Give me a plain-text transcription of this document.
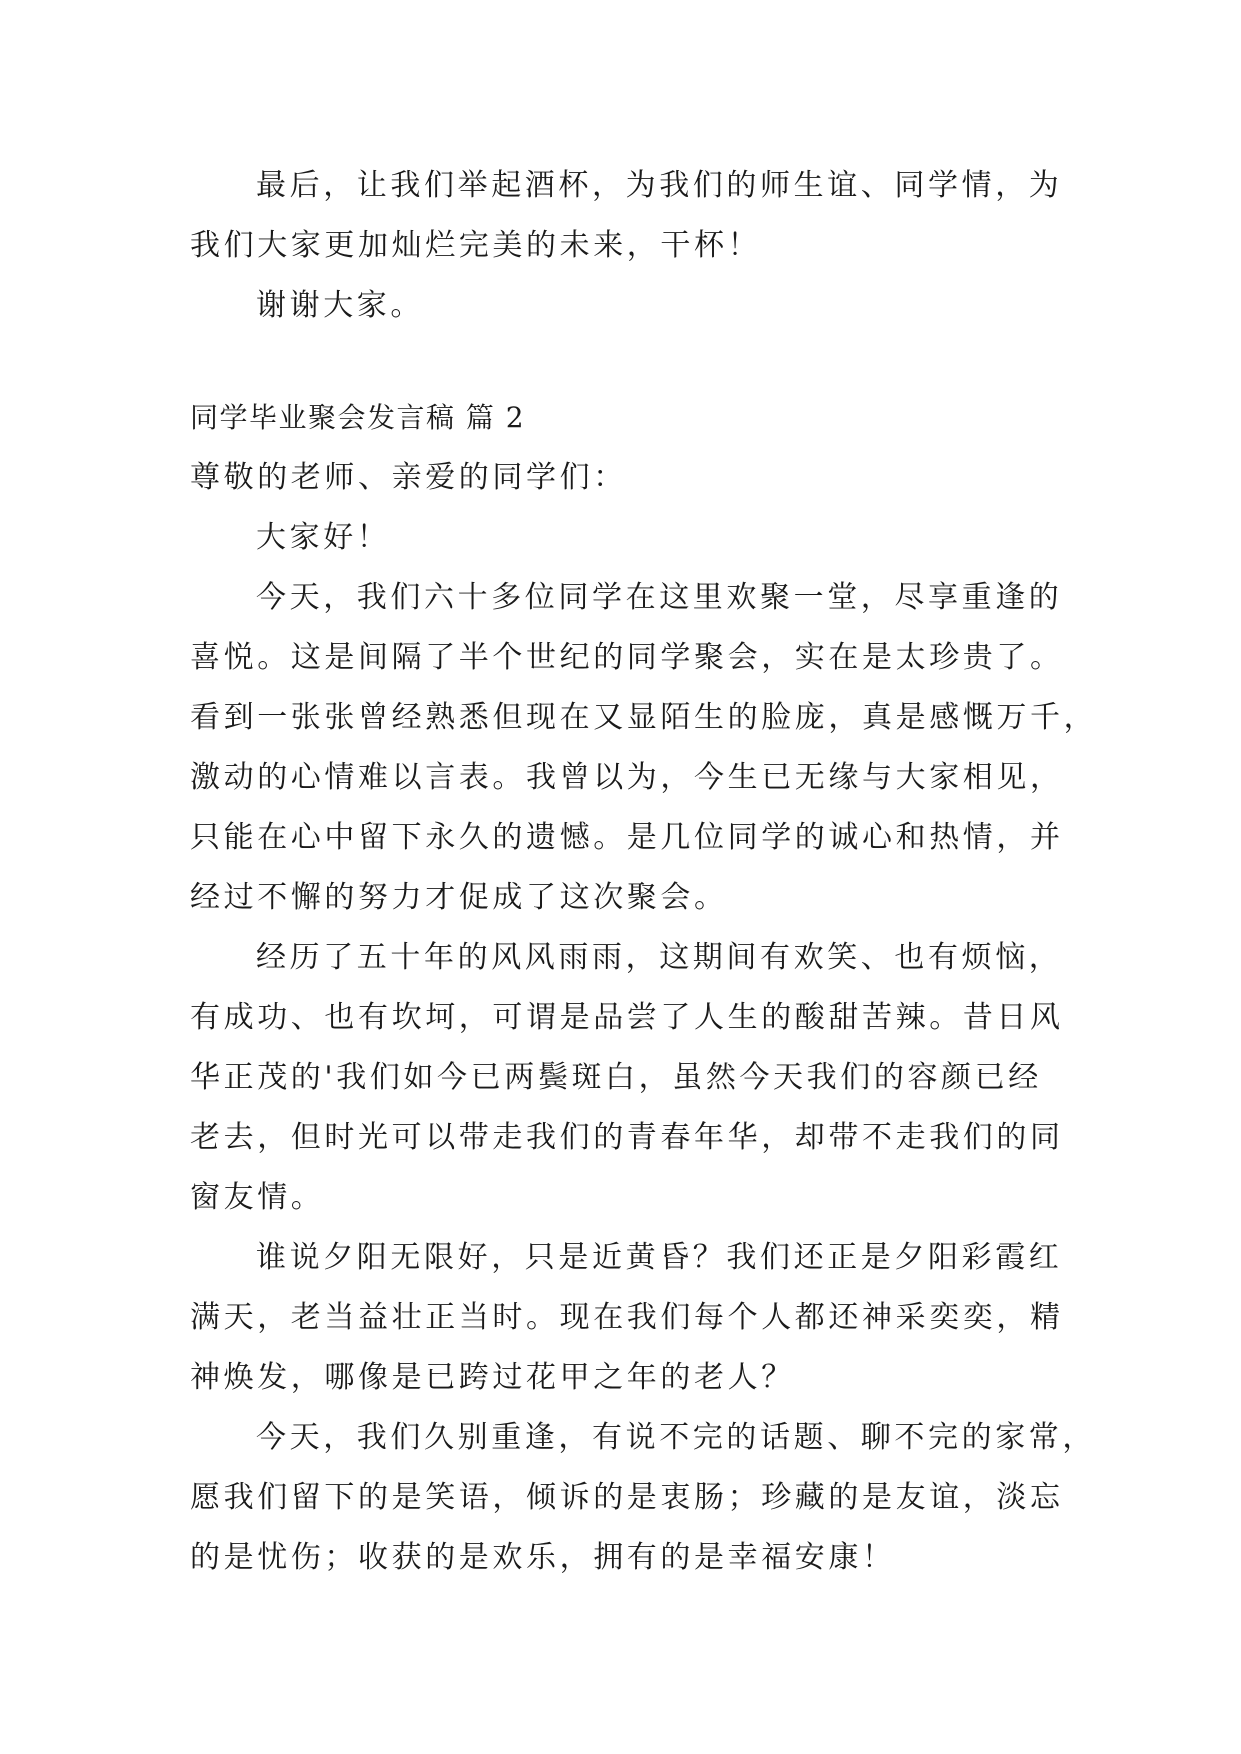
最后，让我们举起酒杯，为我们的师生谊、同学情，为
我们大家更加灿烂完美的未来，干杯！
谢谢大家。
同学毕业聚会发言稿 篇 2
尊敬的老师、亲爱的同学们：
大家好！
今天，我们六十多位同学在这里欢聚一堂，尽享重逢的
喜悦。这是间隔了半个世纪的同学聚会，实在是太珍贵了。
看到一张张曾经熟悉但现在又显陌生的脸庞，真是感慨万千，
激动的心情难以言表。我曾以为，今生已无缘与大家相见，
只能在心中留下永久的遗憾。是几位同学的诚心和热情，并
经过不懈的努力才促成了这次聚会。
经历了五十年的风风雨雨，这期间有欢笑、也有烦恼，
有成功、也有坎坷，可谓是品尝了人生的酸甜苦辣。昔日风
华正茂的'我们如今已两鬓斑白，虽然今天我们的容颜已经
老去，但时光可以带走我们的青春年华，却带不走我们的同
窗友情。
谁说夕阳无限好，只是近黄昏？我们还正是夕阳彩霞红
满天，老当益壮正当时。现在我们每个人都还神采奕奕，精
神焕发，哪像是已跨过花甲之年的老人？
今天，我们久别重逢，有说不完的话题、聊不完的家常，
愿我们留下的是笑语，倾诉的是衷肠；珍藏的是友谊，淡忘
的是忧伤；收获的是欢乐，拥有的是幸福安康！
